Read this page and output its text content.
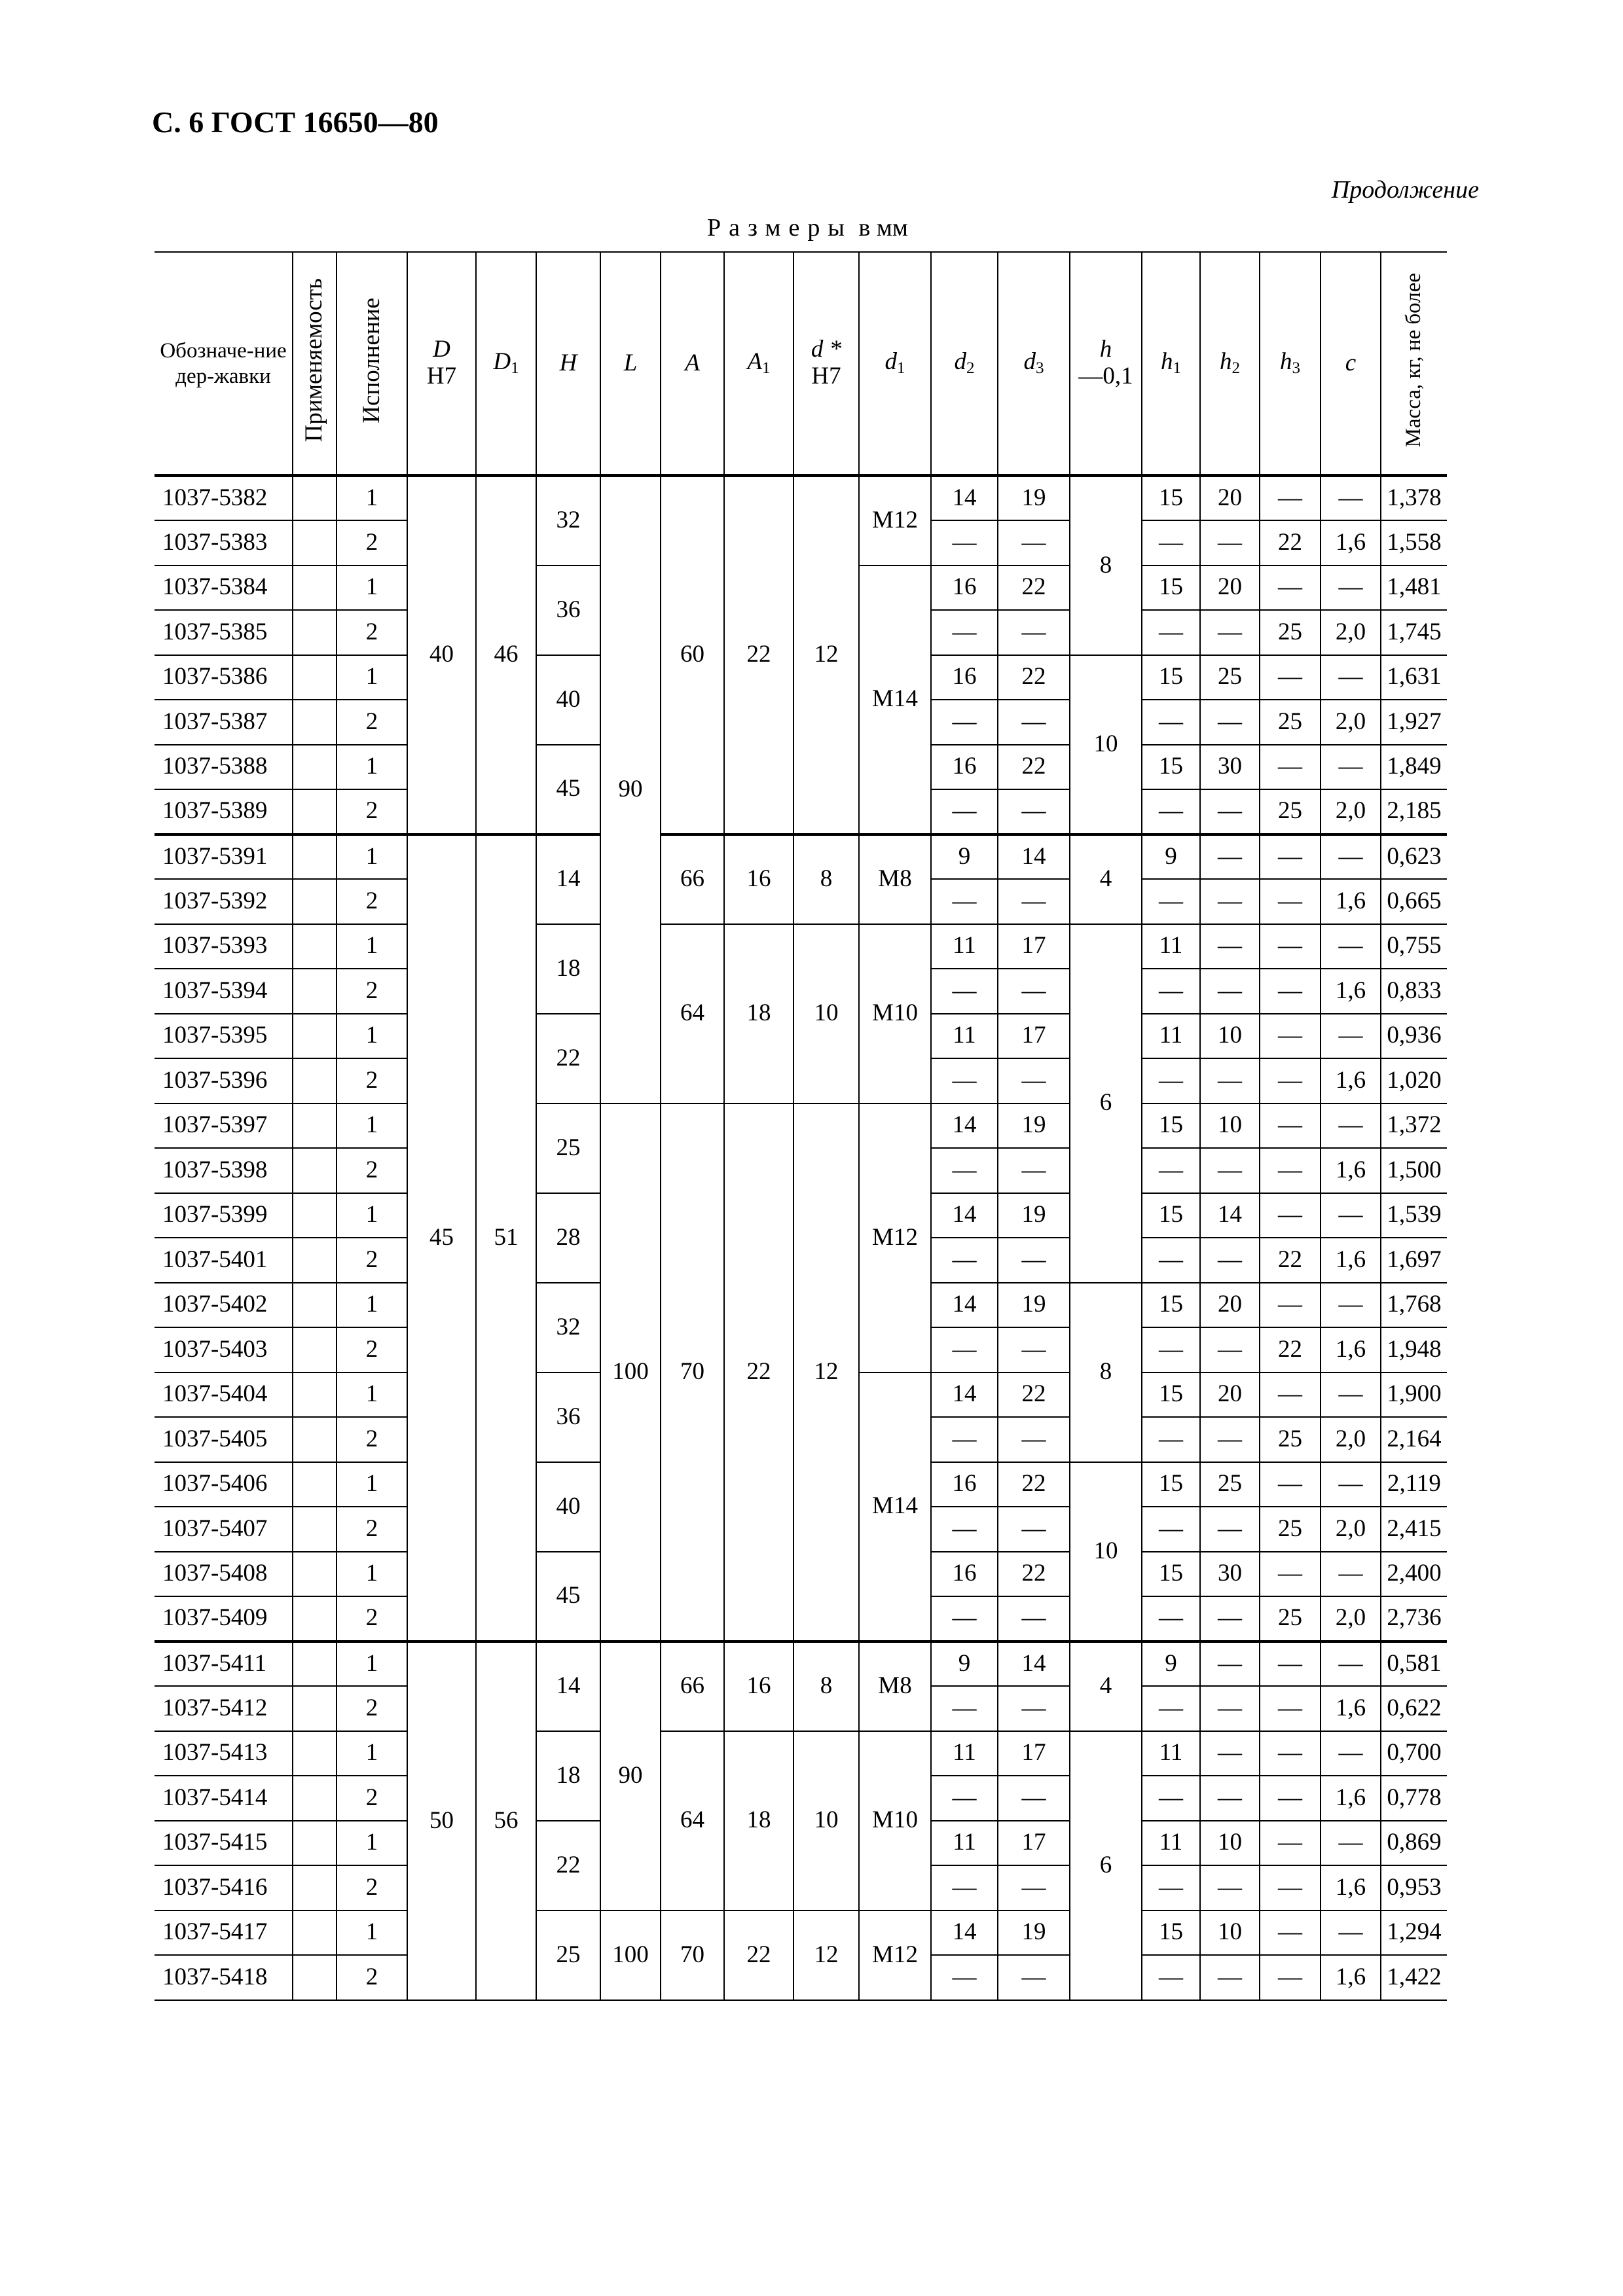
С. 6 ГОСТ 16650—80
Продолжение
Размеры в мм
Обозначе-ние дер-жавки	Применяемость	Исполнение	D
H7	$D_1$	H	L	A	$A_1$	d *
H7	$d_1$	$d_2$	$d_3$	h
—0,1	$h_1$	$h_2$	$h_3$	c	Масса, кг, не более
1037-5382		1	40	46	32	90	60	22	12	M12	14	19	8	15	20	—	—	1,378
1037-5383		2									—	—		—	—	22	1,6	1,558
1037-5384		1			36					M14	16	22		15	20	—	—	1,481
1037-5385		2									—	—		—	—	25	2,0	1,745
1037-5386		1			40						16	22	10	15	25	—	—	1,631
1037-5387		2									—	—		—	—	25	2,0	1,927
1037-5388		1			45						16	22		15	30	—	—	1,849
1037-5389		2									—	—		—	—	25	2,0	2,185
1037-5391		1	45	51	14		66	16	8	M8	9	14	4	9	—	—	—	0,623
1037-5392		2									—	—		—	—	—	1,6	0,665
1037-5393		1			18		64	18	10	M10	11	17	6	11	—	—	—	0,755
1037-5394		2									—	—		—	—	—	1,6	0,833
1037-5395		1			22						11	17		11	10	—	—	0,936
1037-5396		2									—	—		—	—	—	1,6	1,020
1037-5397		1			25	100	70	22	12	M12	14	19		15	10	—	—	1,372
1037-5398		2									—	—		—	—	—	1,6	1,500
1037-5399		1			28						14	19		15	14	—	—	1,539
1037-5401		2									—	—		—	—	22	1,6	1,697
1037-5402		1			32						14	19	8	15	20	—	—	1,768
1037-5403		2									—	—		—	—	22	1,6	1,948
1037-5404		1			36					M14	14	22		15	20	—	—	1,900
1037-5405		2									—	—		—	—	25	2,0	2,164
1037-5406		1			40						16	22	10	15	25	—	—	2,119
1037-5407		2									—	—		—	—	25	2,0	2,415
1037-5408		1			45						16	22		15	30	—	—	2,400
1037-5409		2									—	—		—	—	25	2,0	2,736
1037-5411		1	50	56	14	90	66	16	8	M8	9	14	4	9	—	—	—	0,581
1037-5412		2									—	—		—	—	—	1,6	0,622
1037-5413		1			18		64	18	10	M10	11	17	6	11	—	—	—	0,700
1037-5414		2									—	—		—	—	—	1,6	0,778
1037-5415		1			22						11	17		11	10	—	—	0,869
1037-5416		2									—	—		—	—	—	1,6	0,953
1037-5417		1			25	100	70	22	12	M12	14	19		15	10	—	—	1,294
1037-5418		2									—	—		—	—	—	1,6	1,422
